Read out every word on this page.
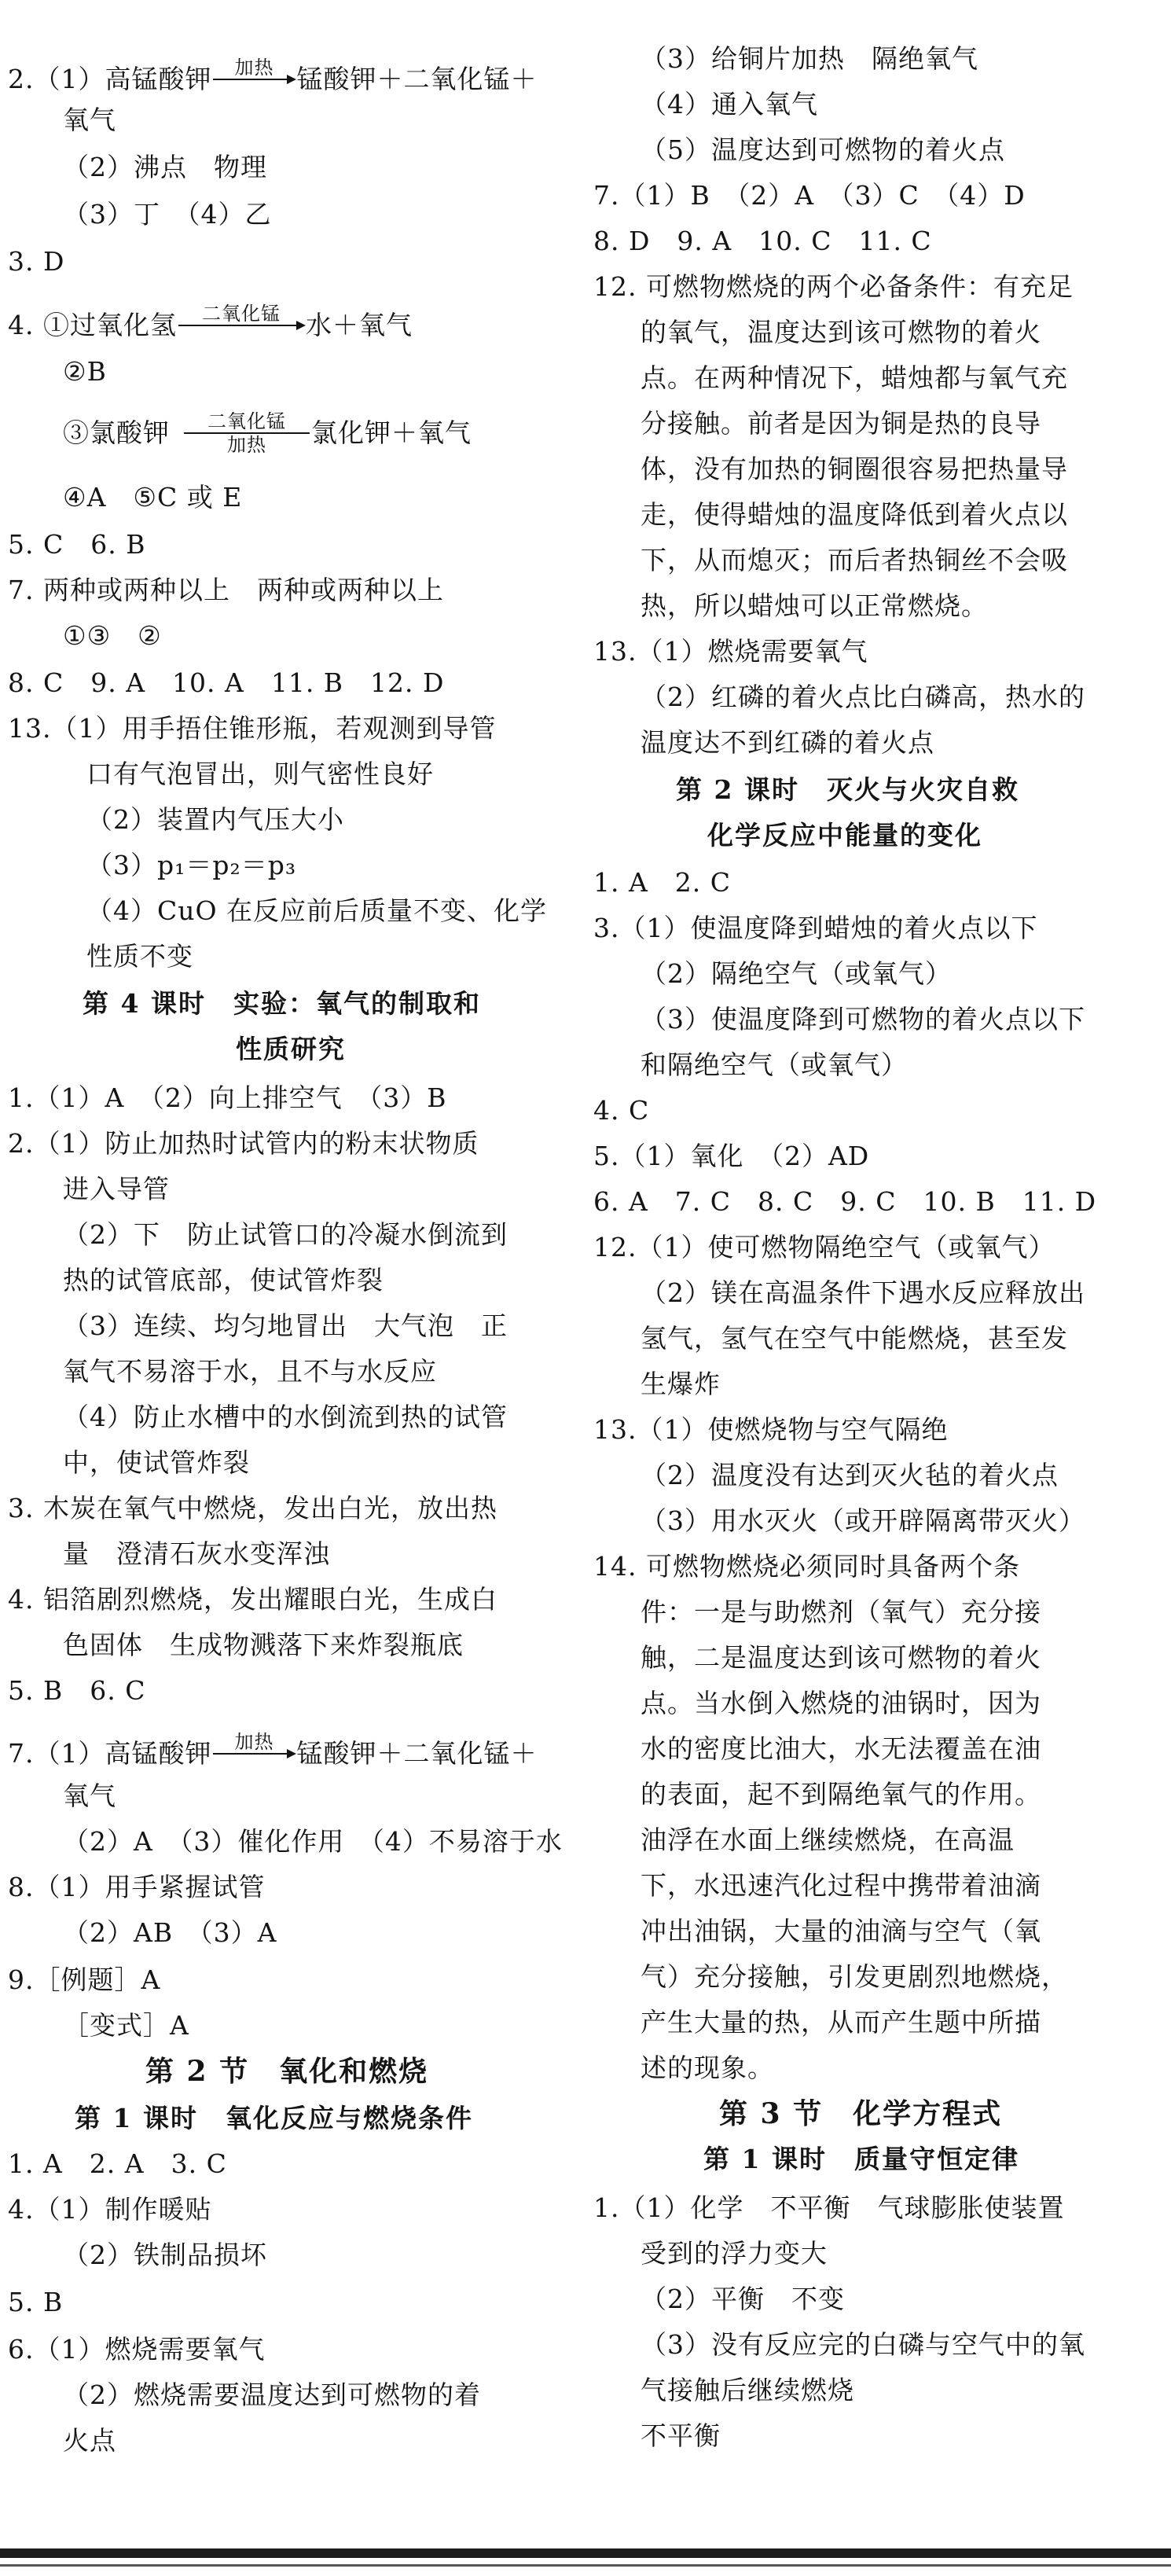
2.（1）高锰酸钾	加热
锰酸钾＋二氧化锰＋
氧气
（2）沸点　物理
（3）丁　（4）乙
3. D
4. ①过氧化氢	二氧化锰
水＋氧气
②B
③氯酸钾	二氧化锰
加热	氯化钾＋氧气
④A　⑤C 或 E
5. C　6. B
7. 两种或两种以上　两种或两种以上
①③　②
8. C　9. A　10. A　11. B　12. D
13.（1）用手捂住锥形瓶，若观测到导管
口有气泡冒出，则气密性良好
（2）装置内气压大小
（3）p₁＝p₂＝p₃
（4）CuO 在反应前后质量不变、化学
性质不变
第 4 课时　实验：氧气的制取和
性质研究
1.（1）A　（2）向上排空气　（3）B
2.（1）防止加热时试管内的粉末状物质
进入导管
（2）下　防止试管口的冷凝水倒流到
热的试管底部，使试管炸裂
（3）连续、均匀地冒出　大气泡　正
氧气不易溶于水，且不与水反应
（4）防止水槽中的水倒流到热的试管
中，使试管炸裂
3. 木炭在氧气中燃烧，发出白光，放出热
量　澄清石灰水变浑浊
4. 铝箔剧烈燃烧，发出耀眼白光，生成白
色固体　生成物溅落下来炸裂瓶底
5. B　6. C
7.（1）高锰酸钾	加热
锰酸钾＋二氧化锰＋
氧气
（2）A　（3）催化作用　（4）不易溶于水
8.（1）用手紧握试管
（2）AB　（3）A
9.［例题］A
［变式］A
第 2 节　氧化和燃烧
第 1 课时　氧化反应与燃烧条件
1. A　2. A　3. C
4.（1）制作暖贴
（2）铁制品损坏
5. B
6.（1）燃烧需要氧气
（2）燃烧需要温度达到可燃物的着
火点
（3）给铜片加热　隔绝氧气
（4）通入氧气
（5）温度达到可燃物的着火点
7.（1）B　（2）A　（3）C　（4）D
8. D　9. A　10. C　11. C
12. 可燃物燃烧的两个必备条件：有充足
的氧气，温度达到该可燃物的着火
点。在两种情况下，蜡烛都与氧气充
分接触。前者是因为铜是热的良导
体，没有加热的铜圈很容易把热量导
走，使得蜡烛的温度降低到着火点以
下，从而熄灭；而后者热铜丝不会吸
热，所以蜡烛可以正常燃烧。
13.（1）燃烧需要氧气
（2）红磷的着火点比白磷高，热水的
温度达不到红磷的着火点
第 2 课时　灭火与火灾自救
化学反应中能量的变化
1. A　2. C
3.（1）使温度降到蜡烛的着火点以下
（2）隔绝空气（或氧气）
（3）使温度降到可燃物的着火点以下
和隔绝空气（或氧气）
4. C
5.（1）氧化　（2）AD
6. A　7. C　8. C　9. C　10. B　11. D
12.（1）使可燃物隔绝空气（或氧气）
（2）镁在高温条件下遇水反应释放出
氢气，氢气在空气中能燃烧，甚至发
生爆炸
13.（1）使燃烧物与空气隔绝
（2）温度没有达到灭火毡的着火点
（3）用水灭火（或开辟隔离带灭火）
14. 可燃物燃烧必须同时具备两个条
件：一是与助燃剂（氧气）充分接
触，二是温度达到该可燃物的着火
点。当水倒入燃烧的油锅时，因为
水的密度比油大，水无法覆盖在油
的表面，起不到隔绝氧气的作用。
油浮在水面上继续燃烧，在高温
下，水迅速汽化过程中携带着油滴
冲出油锅，大量的油滴与空气（氧
气）充分接触，引发更剧烈地燃烧，
产生大量的热，从而产生题中所描
述的现象。
第 3 节　化学方程式
第 1 课时　质量守恒定律
1.（1）化学　不平衡　气球膨胀使装置
受到的浮力变大
（2）平衡　不变
（3）没有反应完的白磷与空气中的氧
气接触后继续燃烧
不平衡
